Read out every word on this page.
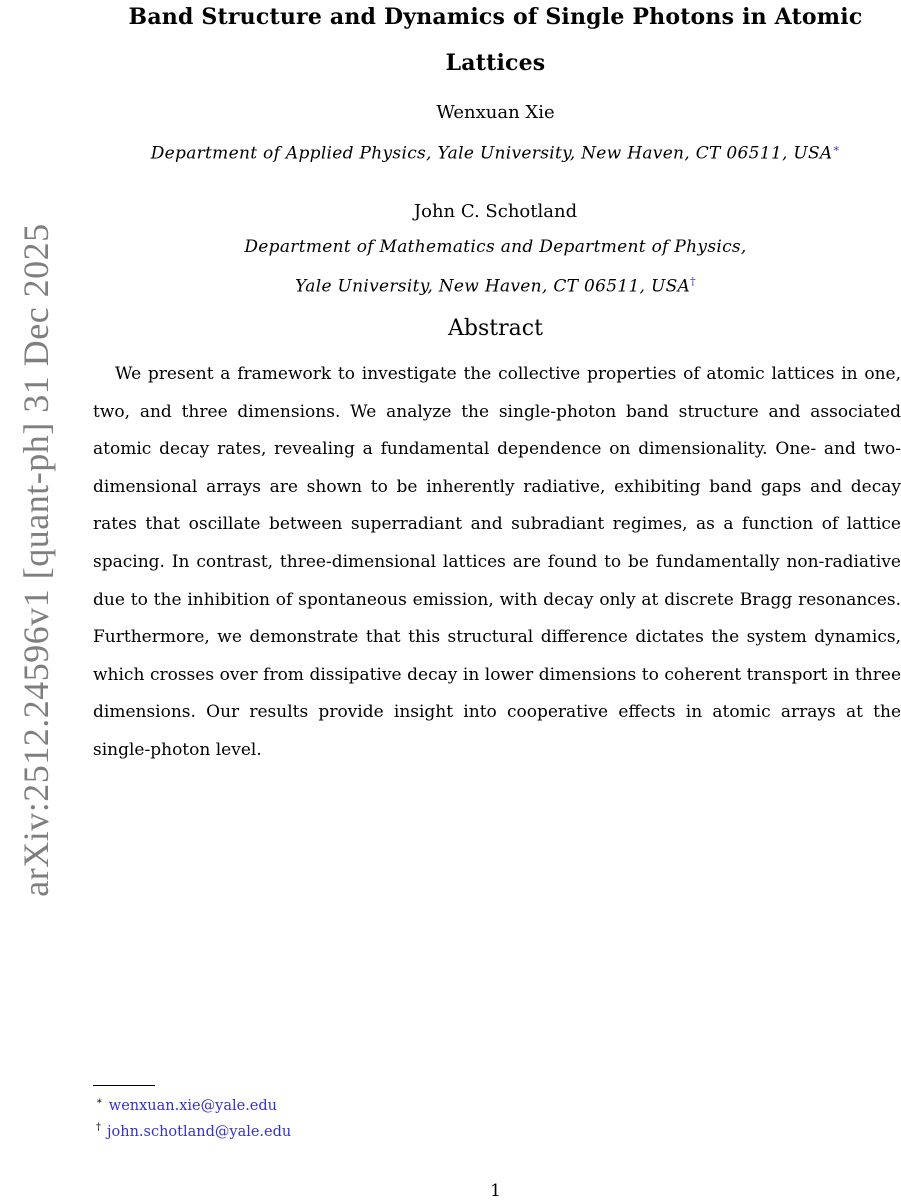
arXiv:2512.24596v1 [quant-ph] 31 Dec 2025
Band Structure and Dynamics of Single Photons in Atomic
Lattices
Wenxuan Xie
Department of Applied Physics, Yale University, New Haven, CT 06511, USA∗
John C. Schotland
Department of Mathematics and Department of Physics,
Yale University, New Haven, CT 06511, USA†
Abstract
We present a framework to investigate the collective properties of atomic lattices in one, two, and three dimensions. We analyze the single-photon band structure and associated atomic decay rates, revealing a fundamental dependence on dimensionality. One- and two-dimensional arrays are shown to be inherently radiative, exhibiting band gaps and decay rates that oscillate between superradiant and subradiant regimes, as a function of lattice spacing. In contrast, three-dimensional lattices are found to be fundamentally non-radiative due to the inhibition of spontaneous emission, with decay only at discrete Bragg resonances. Furthermore, we demonstrate that this structural difference dictates the system dynamics, which crosses over from dissipative decay in lower dimensions to coherent transport in three dimensions. Our results provide insight into cooperative effects in atomic arrays at the single-photon level.
∗ wenxuan.xie@yale.edu
† john.schotland@yale.edu
1
